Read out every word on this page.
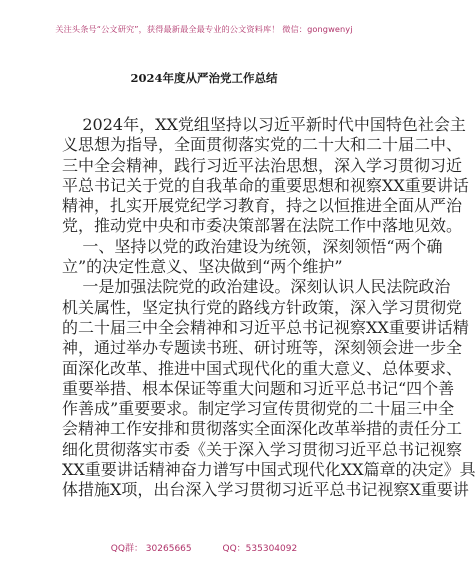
关注头条号“公文研究”，获得最新最全最专业的公文资料库！ 微信：gongwenyj
2024年度从严治党工作总结
2024年，XX党组坚持以习近平新时代中国特色社会主
义思想为指导，全面贯彻落实党的二十大和二十届二中、
三中全会精神，践行习近平法治思想，深入学习贯彻习近
平总书记关于党的自我革命的重要思想和视察XX重要讲话
精神，扎实开展党纪学习教育，持之以恒推进全面从严治
党，推动党中央和市委决策部署在法院工作中落地见效。
一、坚持以党的政治建设为统领，深刻领悟“两个确
立”的决定性意义、坚决做到“两个维护”
一是加强法院党的政治建设。深刻认识人民法院政治
机关属性，坚定执行党的路线方针政策，深入学习贯彻党
的二十届三中全会精神和习近平总书记视察XX重要讲话精
神，通过举办专题读书班、研讨班等，深刻领会进一步全
面深化改革、推进中国式现代化的重大意义、总体要求、
重要举措、根本保证等重大问题和习近平总书记“四个善
作善成”重要要求。制定学习宣传贯彻党的二十届三中全
会精神工作安排和贯彻落实全面深化改革举措的责任分工
细化贯彻落实市委《关于深入学习贯彻习近平总书记视察
XX重要讲话精神奋力谱写中国式现代化XX篇章的决定》具
体措施X项，出台深入学习贯彻习近平总书记视察X重要讲
QQ群： 30265665	QQ：535304092
